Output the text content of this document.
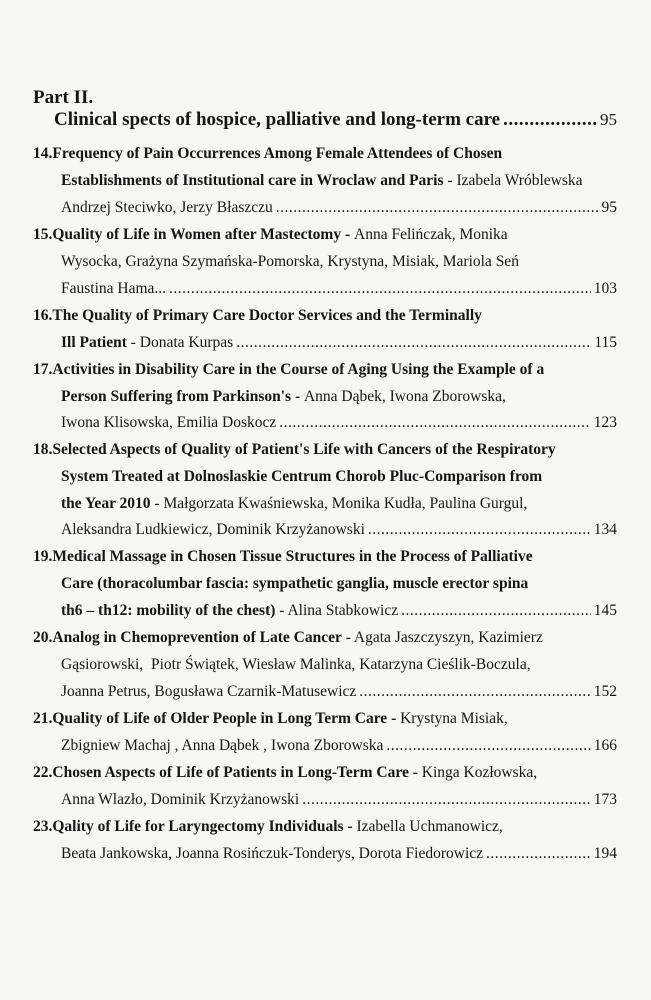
Part II.
Clinical spects of hospice, palliative and long-term care .....	95
14.Frequency of Pain Occurrences Among Female Attendees of Chosen
Establishments of Institutional care in Wroclaw and Paris - Izabela Wróblewska
Andrzej Steciwko, Jerzy Błaszczu .....	95
15.Quality of Life in Women after Mastectomy - Anna Felińczak, Monika
Wysocka, Grażyna Szymańska-Pomorska, Krystyna, Misiak, Mariola Seń
Faustina Hama... .....	103
16.The Quality of Primary Care Doctor Services and the Terminally
Ill Patient - Donata Kurpas .....	115
17.Activities in Disability Care in the Course of Aging Using the Example of a
Person Suffering from Parkinson's - Anna Dąbek, Iwona Zborowska,
Iwona Klisowska, Emilia Doskocz .....	123
18.Selected Aspects of Quality of Patient's Life with Cancers of the Respiratory
System Treated at Dolnoslaskie Centrum Chorob Pluc-Comparison from
the Year 2010 - Małgorzata Kwaśniewska, Monika Kudła, Paulina Gurgul,
Aleksandra Ludkiewicz, Dominik Krzyżanowski .....	134
19.Medical Massage in Chosen Tissue Structures in the Process of Palliative
Care (thoracolumbar fascia: sympathetic ganglia, muscle erector spina
th6 – th12: mobility of the chest) - Alina Stabkowicz .....	145
20.Analog in Chemoprevention of Late Cancer - Agata Jaszczyszyn, Kazimierz
Gąsiorowski,  Piotr Świątek, Wiesław Malinka, Katarzyna Cieślik-Boczula,
Joanna Petrus, Bogusława Czarnik-Matusewicz .....	152
21.Quality of Life of Older People in Long Term Care - Krystyna Misiak,
Zbigniew Machaj , Anna Dąbek , Iwona Zborowska .....	166
22.Chosen Aspects of Life of Patients in Long-Term Care - Kinga Kozłowska,
Anna Wlazło, Dominik Krzyżanowski .....	173
23.Qality of Life for Laryngectomy Individuals - Izabella Uchmanowicz,
Beata Jankowska, Joanna Rosińczuk-Tonderys, Dorota Fiedorowicz .....	194
